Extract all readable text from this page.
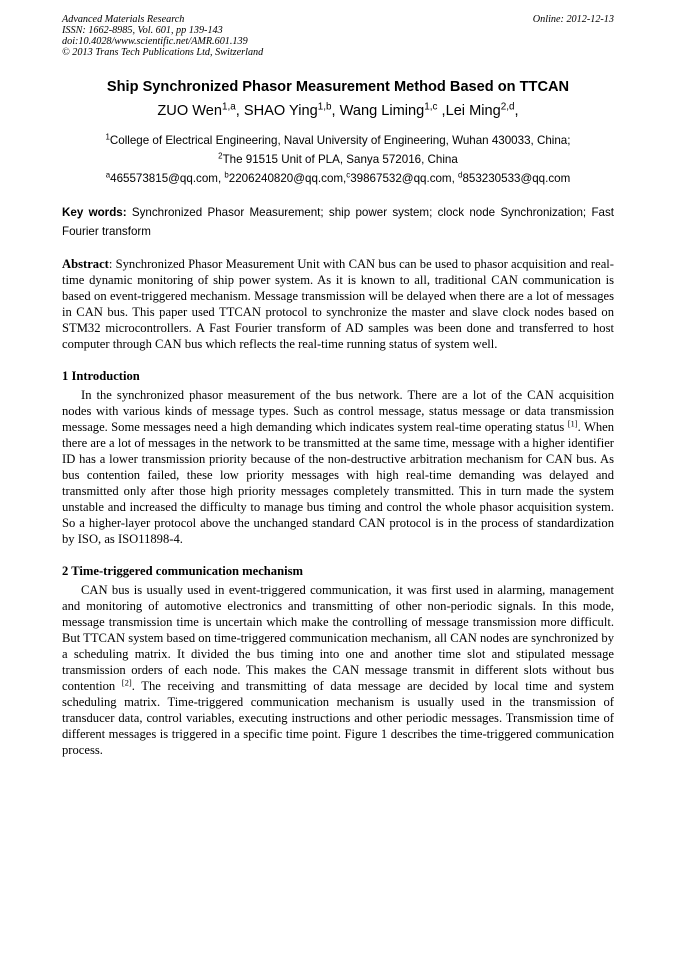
Advanced Materials Research
ISSN: 1662-8985, Vol. 601, pp 139-143
doi:10.4028/www.scientific.net/AMR.601.139
© 2013 Trans Tech Publications Ltd, Switzerland
Online: 2012-12-13
Ship Synchronized Phasor Measurement Method Based on TTCAN
ZUO Wen$^{1,a}$, SHAO Ying$^{1,b}$, Wang Liming$^{1,c}$ ,Lei Ming$^{2,d}$,
$^1$College of Electrical Engineering, Naval University of Engineering, Wuhan 430033, China;
$^2$The 91515 Unit of PLA, Sanya 572016, China
$^a$465573815@qq.com, $^b$2206240820@qq.com,$^c$39867532@qq.com, $^d$853230533@qq.com
Key words: Synchronized Phasor Measurement; ship power system; clock node Synchronization; Fast Fourier transform
Abstract: Synchronized Phasor Measurement Unit with CAN bus can be used to phasor acquisition and real-time dynamic monitoring of ship power system. As it is known to all, traditional CAN communication is based on event-triggered mechanism. Message transmission will be delayed when there are a lot of messages in CAN bus. This paper used TTCAN protocol to synchronize the master and slave clock nodes based on STM32 microcontrollers. A Fast Fourier transform of AD samples was been done and transferred to host computer through CAN bus which reflects the real-time running status of system well.
1 Introduction
In the synchronized phasor measurement of the bus network. There are a lot of the CAN acquisition nodes with various kinds of message types. Such as control message, status message or data transmission message. Some messages need a high demanding which indicates system real-time operating status [1]. When there are a lot of messages in the network to be transmitted at the same time, message with a higher identifier ID has a lower transmission priority because of the non-destructive arbitration mechanism for CAN bus. As bus contention failed, these low priority messages with high real-time demanding was delayed and transmitted only after those high priority messages completely transmitted. This in turn made the system unstable and increased the difficulty to manage bus timing and control the whole phasor acquisition system. So a higher-layer protocol above the unchanged standard CAN protocol is in the process of standardization by ISO, as ISO11898-4.
2 Time-triggered communication mechanism
CAN bus is usually used in event-triggered communication, it was first used in alarming, management and monitoring of automotive electronics and transmitting of other non-periodic signals. In this mode, message transmission time is uncertain which make the controlling of message transmission more difficult. But TTCAN system based on time-triggered communication mechanism, all CAN nodes are synchronized by a scheduling matrix. It divided the bus timing into one and another time slot and stipulated message transmission orders of each node. This makes the CAN message transmit in different slots without bus contention [2]. The receiving and transmitting of data message are decided by local time and system scheduling matrix. Time-triggered communication mechanism is usually used in the transmission of transducer data, control variables, executing instructions and other periodic messages. Transmission time of different messages is triggered in a specific time point. Figure 1 describes the time-triggered communication process.
